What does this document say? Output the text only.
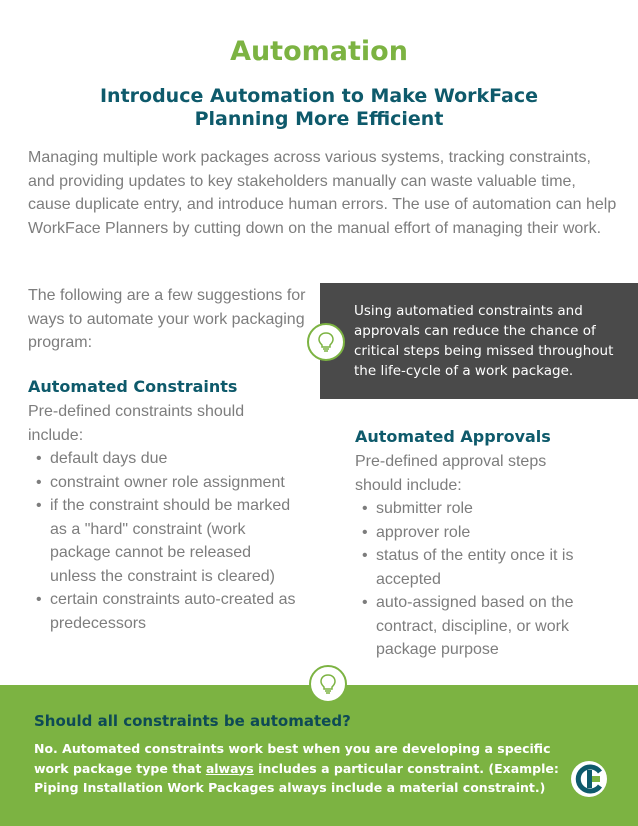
Automation
Introduce Automation to Make WorkFace
Planning More Efficient

Managing multiple work packages across various systems, tracking constraints, and providing updates to key stakeholders manually can waste valuable time, cause duplicate entry, and introduce human errors. The use of automation can help WorkFace Planners by cutting down on the manual effort of managing their work.

The following are a few suggestions for ways to automate your work packaging program:

Using automatied constraints and approvals can reduce the chance of critical steps being missed throughout the life-cycle of a work package.

Automated Constraints

Pre-defined constraints should include:

• default days due
• constraint owner role assignment
• if the constraint should be marked as a "hard" constraint (work package cannot be released unless the constraint is cleared)
• certain constraints auto-created as predecessors
Automated Approvals

Pre-defined approval steps should include:

• submitter role
• approver role
• status of the entity once it is accepted
• auto-assigned based on the contract, discipline, or work package purpose

Should all constraints be automated?

No. Automated constraints work best when you are developing a specific work package type that always includes a particular constraint. (Example: Piping Installation Work Packages always include a material constraint.)
